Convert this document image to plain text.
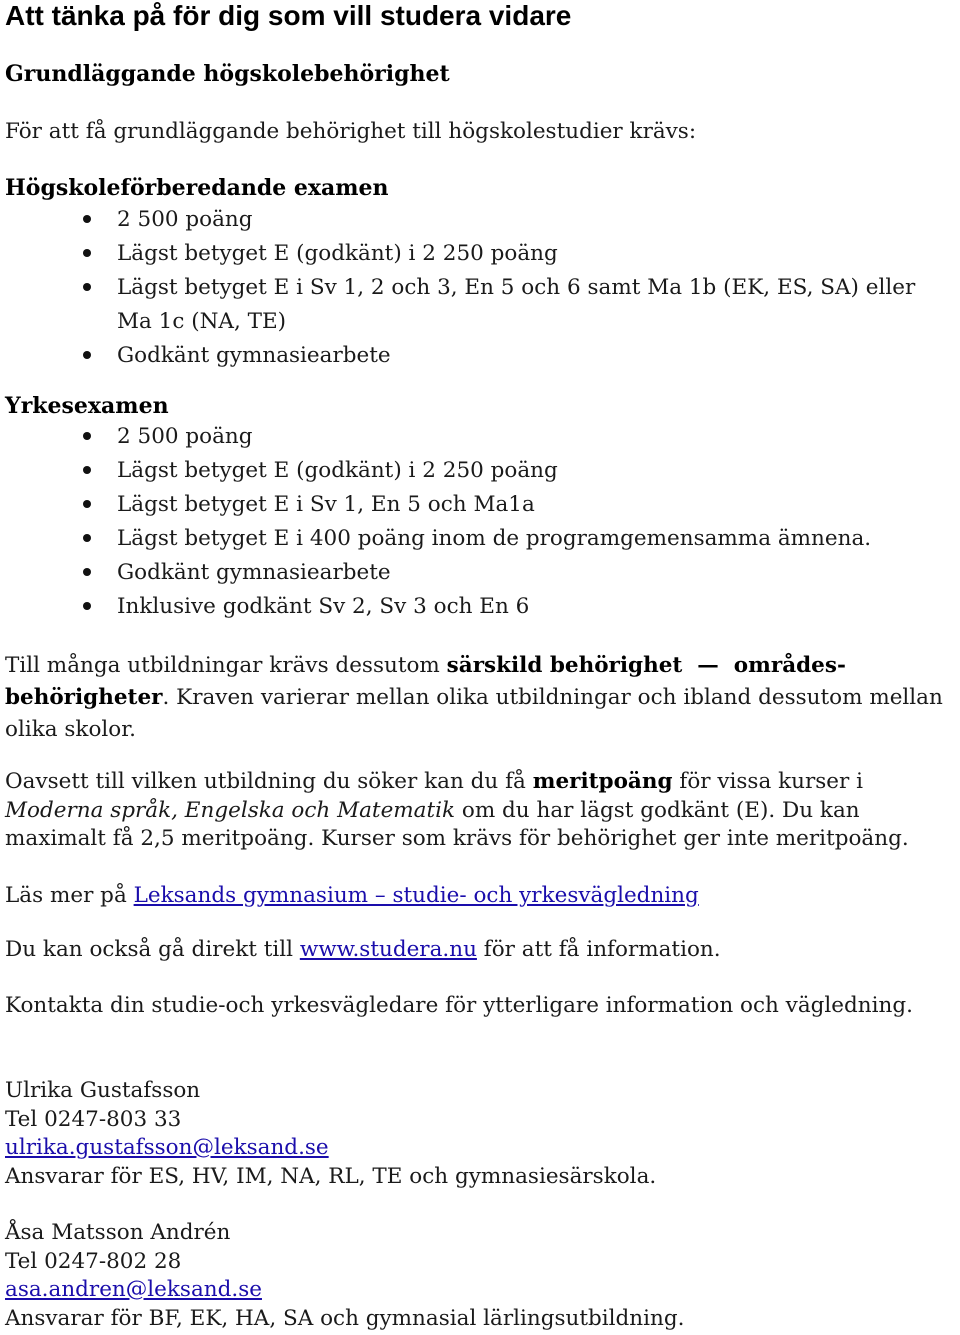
Att tänka på för dig som vill studera vidare
Grundläggande högskolebehörighet

För att få grundläggande behörighet till högskolestudier krävs:

Högskoleförberedande examen

2 500 poäng
Lägst betyget E (godkänt) i 2 250 poäng
Lägst betyget E i Sv 1, 2 och 3, En 5 och 6 samt Ma 1b (EK, ES, SA) eller
Ma 1c (NA, TE)
Godkänt gymnasiearbete

Yrkesexamen

2 500 poäng
Lägst betyget E (godkänt) i 2 250 poäng
Lägst betyget E i Sv 1, En 5 och Ma1a
Lägst betyget E i 400 poäng inom de programgemensamma ämnena.
Godkänt gymnasiearbete
Inklusive godkänt Sv 2, Sv 3 och En 6
Till många utbildningar krävs dessutom särskild behörighet  —  områdes-
behörigheter. Kraven varierar mellan olika utbildningar och ibland dessutom mellan
olika skolor.
Oavsett till vilken utbildning du söker kan du få meritpoäng för vissa kurser i
Moderna språk, Engelska och Matematik om du har lägst godkänt (E). Du kan
maximalt få 2,5 meritpoäng. Kurser som krävs för behörighet ger inte meritpoäng.

Läs mer på Leksands gymnasium – studie- och yrkesvägledning

Du kan också gå direkt till www.studera.nu för att få information.

Kontakta din studie-och yrkesvägledare för ytterligare information och vägledning.

Ulrika Gustafsson
Tel 0247-803 33
ulrika.gustafsson@leksand.se
Ansvarar för ES, HV, IM, NA, RL, TE och gymnasiesärskola.
Åsa Matsson Andrén
Tel 0247-802 28
asa.andren@leksand.se
Ansvarar för BF, EK, HA, SA och gymnasial lärlingsutbildning.
